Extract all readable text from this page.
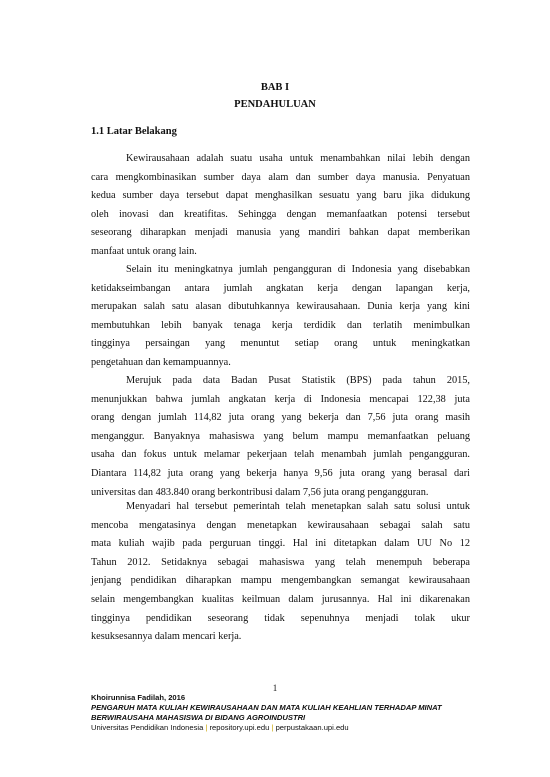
BAB I
PENDAHULUAN
1.1 Latar Belakang
Kewirausahaan adalah suatu usaha untuk menambahkan nilai lebih dengan
cara mengkombinasikan sumber daya alam dan sumber daya manusia. Penyatuan
kedua sumber daya tersebut dapat menghasilkan sesuatu yang baru jika didukung
oleh inovasi dan kreatifitas. Sehingga dengan memanfaatkan potensi tersebut
seseorang diharapkan menjadi manusia yang mandiri bahkan dapat memberikan
manfaat untuk orang lain.
Selain itu meningkatnya jumlah pengangguran di Indonesia yang disebabkan
ketidakseimbangan antara jumlah angkatan kerja dengan lapangan kerja,
merupakan salah satu alasan dibutuhkannya kewirausahaan. Dunia kerja yang kini
membutuhkan lebih banyak tenaga kerja terdidik dan terlatih menimbulkan
tingginya persaingan yang menuntut setiap orang untuk meningkatkan
pengetahuan dan kemampuannya.
Merujuk pada data Badan Pusat Statistik (BPS) pada tahun 2015,
menunjukkan bahwa jumlah angkatan kerja di Indonesia mencapai 122,38 juta
orang dengan jumlah 114,82 juta orang yang bekerja dan 7,56 juta orang masih
menganggur. Banyaknya mahasiswa yang belum mampu memanfaatkan peluang
usaha dan fokus untuk melamar pekerjaan telah menambah jumlah pengangguran.
Diantara 114,82 juta orang yang bekerja hanya 9,56 juta orang yang berasal dari
universitas dan 483.840 orang berkontribusi dalam 7,56 juta orang pengangguran.
Menyadari hal tersebut pemerintah telah menetapkan salah satu solusi untuk
mencoba mengatasinya dengan menetapkan kewirausahaan sebagai salah satu
mata kuliah wajib pada perguruan tinggi. Hal ini ditetapkan dalam UU No 12
Tahun 2012. Setidaknya sebagai mahasiswa yang telah menempuh beberapa
jenjang pendidikan diharapkan mampu mengembangkan semangat kewirausahaan
selain mengembangkan kualitas keilmuan dalam jurusannya. Hal ini dikarenakan
tingginya pendidikan seseorang tidak sepenuhnya menjadi tolak ukur
kesuksesannya dalam mencari kerja.
1
Khoirunnisa Fadilah, 2016
PENGARUH MATA KULIAH KEWIRAUSAHAAN DAN MATA KULIAH KEAHLIAN TERHADAP MINAT
BERWIRAUSAHA MAHASISWA DI BIDANG AGROINDUSTRI
Universitas Pendidikan Indonesia | repository.upi.edu | perpustakaan.upi.edu
